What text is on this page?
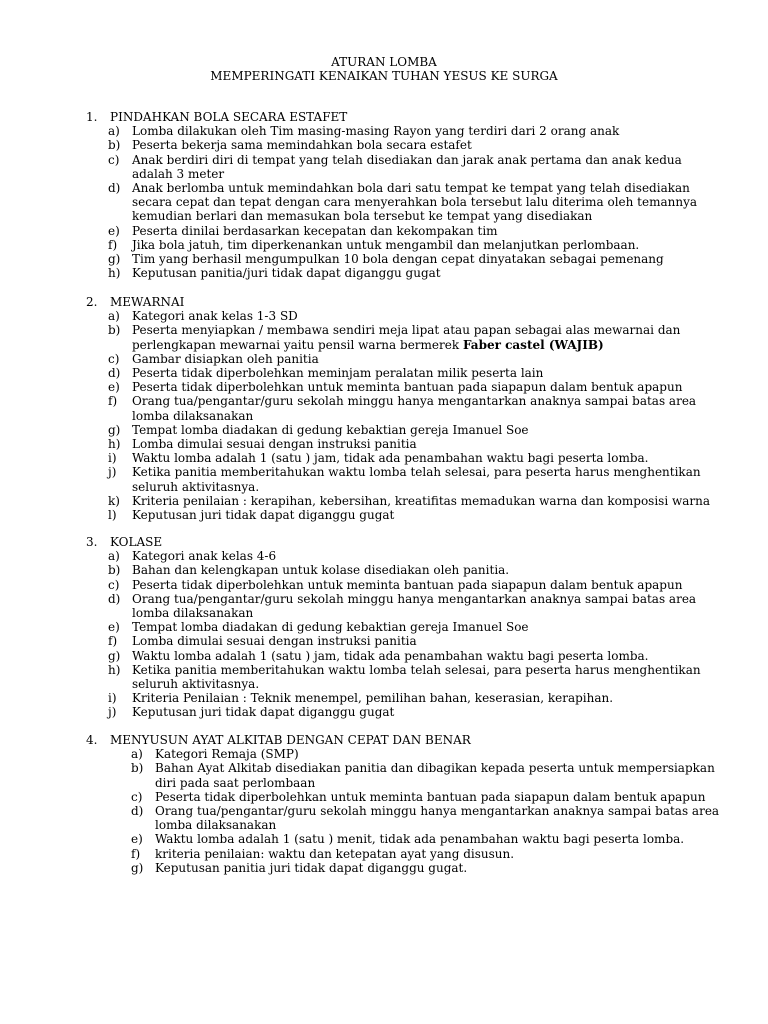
ATURAN LOMBA
MEMPERINGATI KENAIKAN TUHAN YESUS KE SURGA
1.	PINDAHKAN BOLA SECARA ESTAFET
a)	Lomba dilakukan oleh Tim masing-masing Rayon yang terdiri dari 2 orang anak
b) Peserta bekerja sama memindahkan bola secara estafet
c)	Anak berdiri diri di tempat yang telah disediakan dan jarak anak pertama dan anak kedua adalah 3 meter
d) Anak berlomba untuk memindahkan bola dari satu tempat ke tempat yang telah disediakan secara cepat dan tepat dengan cara menyerahkan bola tersebut lalu diterima oleh temannya kemudian berlari dan memasukan bola tersebut ke tempat yang disediakan
e)	Peserta dinilai berdasarkan kecepatan dan kekompakan tim
f)	Jika bola jatuh, tim diperkenankan untuk mengambil dan melanjutkan perlombaan.
g) Tim yang berhasil mengumpulkan 10 bola dengan cepat dinyatakan sebagai pemenang
h) Keputusan panitia/juri tidak dapat diganggu gugat
2.	MEWARNAI
a)	Kategori anak kelas 1-3 SD
b) Peserta menyiapkan / membawa sendiri meja lipat atau papan sebagai alas mewarnai dan perlengkapan mewarnai yaitu pensil warna bermerek Faber castel (WAJIB)
c)	Gambar disiapkan oleh panitia
d) Peserta tidak diperbolehkan meminjam peralatan milik peserta lain
e)	Peserta tidak diperbolehkan untuk meminta bantuan pada siapapun dalam bentuk apapun
f)	Orang tua/pengantar/guru sekolah minggu hanya mengantarkan anaknya sampai batas area lomba dilaksanakan
g) Tempat lomba diadakan di gedung kebaktian gereja Imanuel Soe
h) Lomba dimulai sesuai dengan instruksi panitia
i)	Waktu lomba adalah 1 (satu ) jam, tidak ada penambahan waktu bagi peserta lomba.
j)	Ketika panitia memberitahukan waktu lomba telah selesai, para peserta harus menghentikan seluruh aktivitasnya.
k)	Kriteria penilaian : kerapihan, kebersihan, kreatifitas memadukan warna dan komposisi warna
l)	Keputusan juri tidak dapat diganggu gugat
3.	KOLASE
a)	Kategori anak kelas 4-6
b) Bahan dan kelengkapan untuk kolase disediakan oleh panitia.
c)	Peserta tidak diperbolehkan untuk meminta bantuan pada siapapun dalam bentuk apapun
d) Orang tua/pengantar/guru sekolah minggu hanya mengantarkan anaknya sampai batas area lomba dilaksanakan
e)	Tempat lomba diadakan di gedung kebaktian gereja Imanuel Soe
f)	Lomba dimulai sesuai dengan instruksi panitia
g) Waktu lomba adalah 1 (satu ) jam, tidak ada penambahan waktu bagi peserta lomba.
h) Ketika panitia memberitahukan waktu lomba telah selesai, para peserta harus menghentikan seluruh aktivitasnya.
i)	Kriteria Penilaian : Teknik menempel, pemilihan bahan, keserasian, kerapihan.
j)	Keputusan juri tidak dapat diganggu gugat
4.	MENYUSUN AYAT ALKITAB DENGAN CEPAT DAN BENAR
a)	Kategori Remaja (SMP)
b) Bahan Ayat Alkitab disediakan panitia dan dibagikan kepada peserta untuk mempersiapkan diri pada saat perlombaan
c)	Peserta tidak diperbolehkan untuk meminta bantuan pada siapapun dalam bentuk apapun
d) Orang tua/pengantar/guru sekolah minggu hanya mengantarkan anaknya sampai batas area lomba dilaksanakan
e)	Waktu lomba adalah 1 (satu ) menit, tidak ada penambahan waktu bagi peserta lomba.
f)	kriteria penilaian: waktu dan ketepatan ayat yang disusun.
g) Keputusan panitia juri tidak dapat diganggu gugat.
